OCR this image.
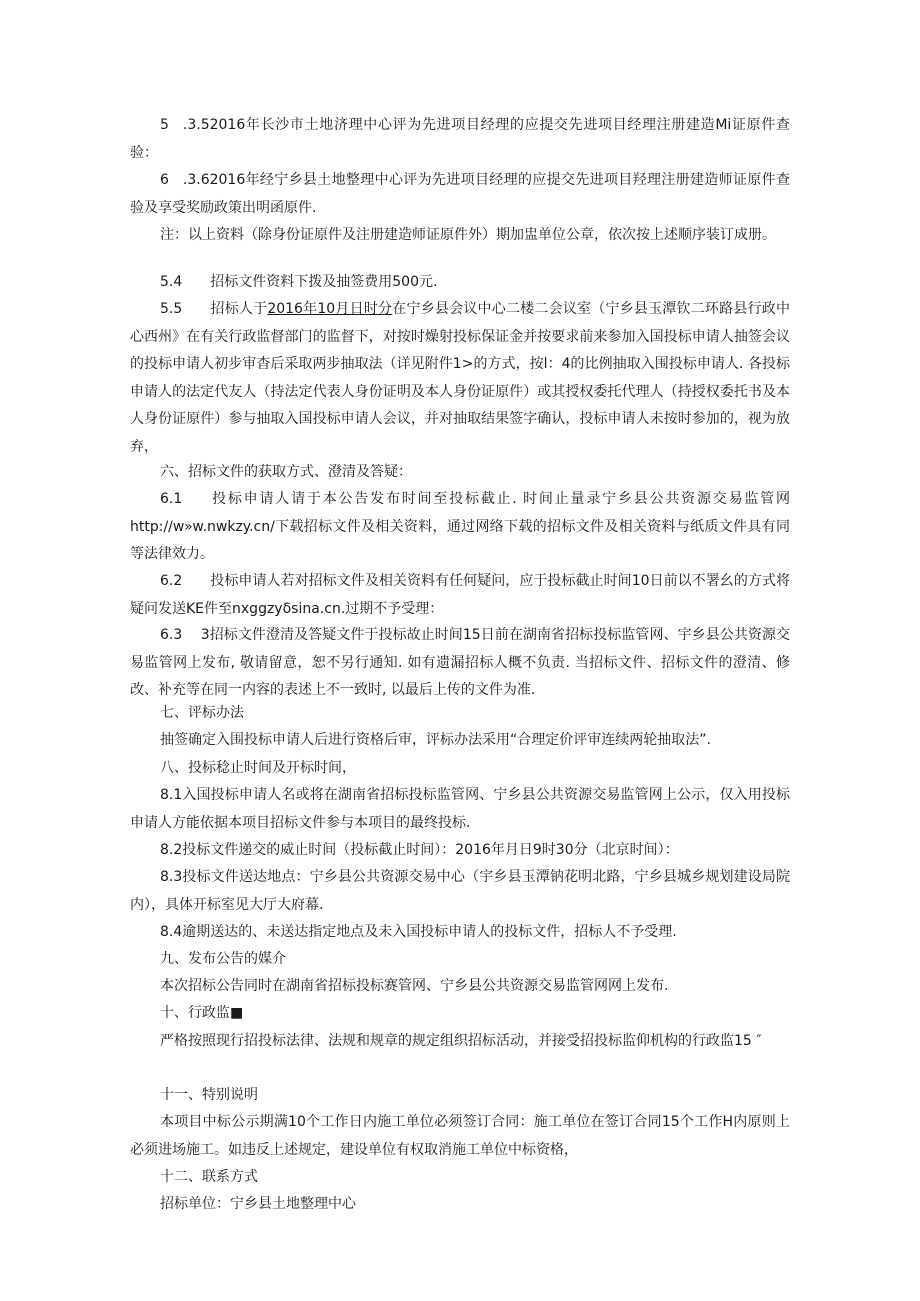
5 .3.52016年长沙市土地济理中心评为先进项目经理的应提交先进项目经理注册建造Mi证原件查验：
6 .3.62016年经宁乡县土地整理中心评为先进项目经理的应提交先进项目羟理注册建造师证原件查验及享受奖励政策出明函原件.
注：以上资料（除身份证原件及注册建造师证原件外）期加盅单位公章，依次按上述顺序装订成册。
5.4  招标文件资料下拨及抽签费用500元.
5.5  招标人于2016年10月日时分在宁乡县会议中心二楼二会议室（宁乡县玉潭钦二环路县行政中心西州》在有关行政监督部门的监督下，对按时燥射投标保证金并按要求前来参加入国投标申请人抽签会议的投标申请人初步审杳后采取两步抽取法（详见附件1>的方式，按l：4的比例抽取入围投标申请人. 各投标申请人的法定代友人（持法定代表人身份证明及本人身份证原件）或其授权委托代理人（持授权委托书及本人身份证原件）参与抽取入国投标申请人会议，并对抽取结果签字确认，投标申请人未按时参加的，视为放弃，
六、招标文件的获取方式、澄清及答疑：
6.1  投标申请人请于本公告发布时间至投标截止. 时间止量录宁乡县公共资源交易监管网http://w»w.nwkzy.cn/下载招标文件及相关资料，通过网络下载的招标文件及相关资料与纸质文件具有同等法律效力。
6.2  投标申请人若对招标文件及相关资料有任何疑问，应于投标截止时间10日前以不署幺的方式将疑问发送KE件至nxggzyδsina.cn.过期不予受理：
6.3  3招标文件澄清及答疑文件于投标故止时间15日前在湖南省招标投标监管网、宇乡县公共资源交易监管网上发布, 敬请留意，恕不另行通知. 如有遗漏招标人概不负责. 当招标文件、招标文件的澄清、修改、补充等在同一内容的表述上不一致时, 以最后上传的文件为准.
七、评标办法
抽签确定入围投标申请人后进行资格后审，评标办法采用“合理定价评审连续两轮抽取法”.
八、投标稔止时间及开标时间，
8.1入国投标申请人名或将在湖南省招标投标监管网、宁乡县公共资源交易监管网上公示，仅入用投标申请人方能依据本项目招标文件参与本项目的最终投标.
8.2投标文件递交的威止时间（投标截止时间）：2016年月日9时30分（北京时间）：
8.3投标文件送达地点：宁乡县公共资源交易中心（宇乡县玉潭钠花明北路，宁乡县城乡规划建设局院内），具体开标室见大厅大府幕.
8.4逾期送达的、未送达指定地点及未入国投标申请人的投标文件，招标人不予受理.
九、发布公告的媒介
本次招标公告同时在湖南省招标投标赛管网、宁乡县公共资源交易监管网网上发布.
十、行政监■
严格按照现行招投标法律、法规和规章的规定组织招标活动，并接受招投标监仰机构的行政监15 ″
十一、特别说明
本项目中标公示期满10个工作日内施工单位必须签订合同：施工单位在签订合同15个工作H内原则上必须进场施工。如违反上述规定，建设单位有权取消施工单位中标资格，
十二、联系方式
招标单位：宁乡县土地整理中心
